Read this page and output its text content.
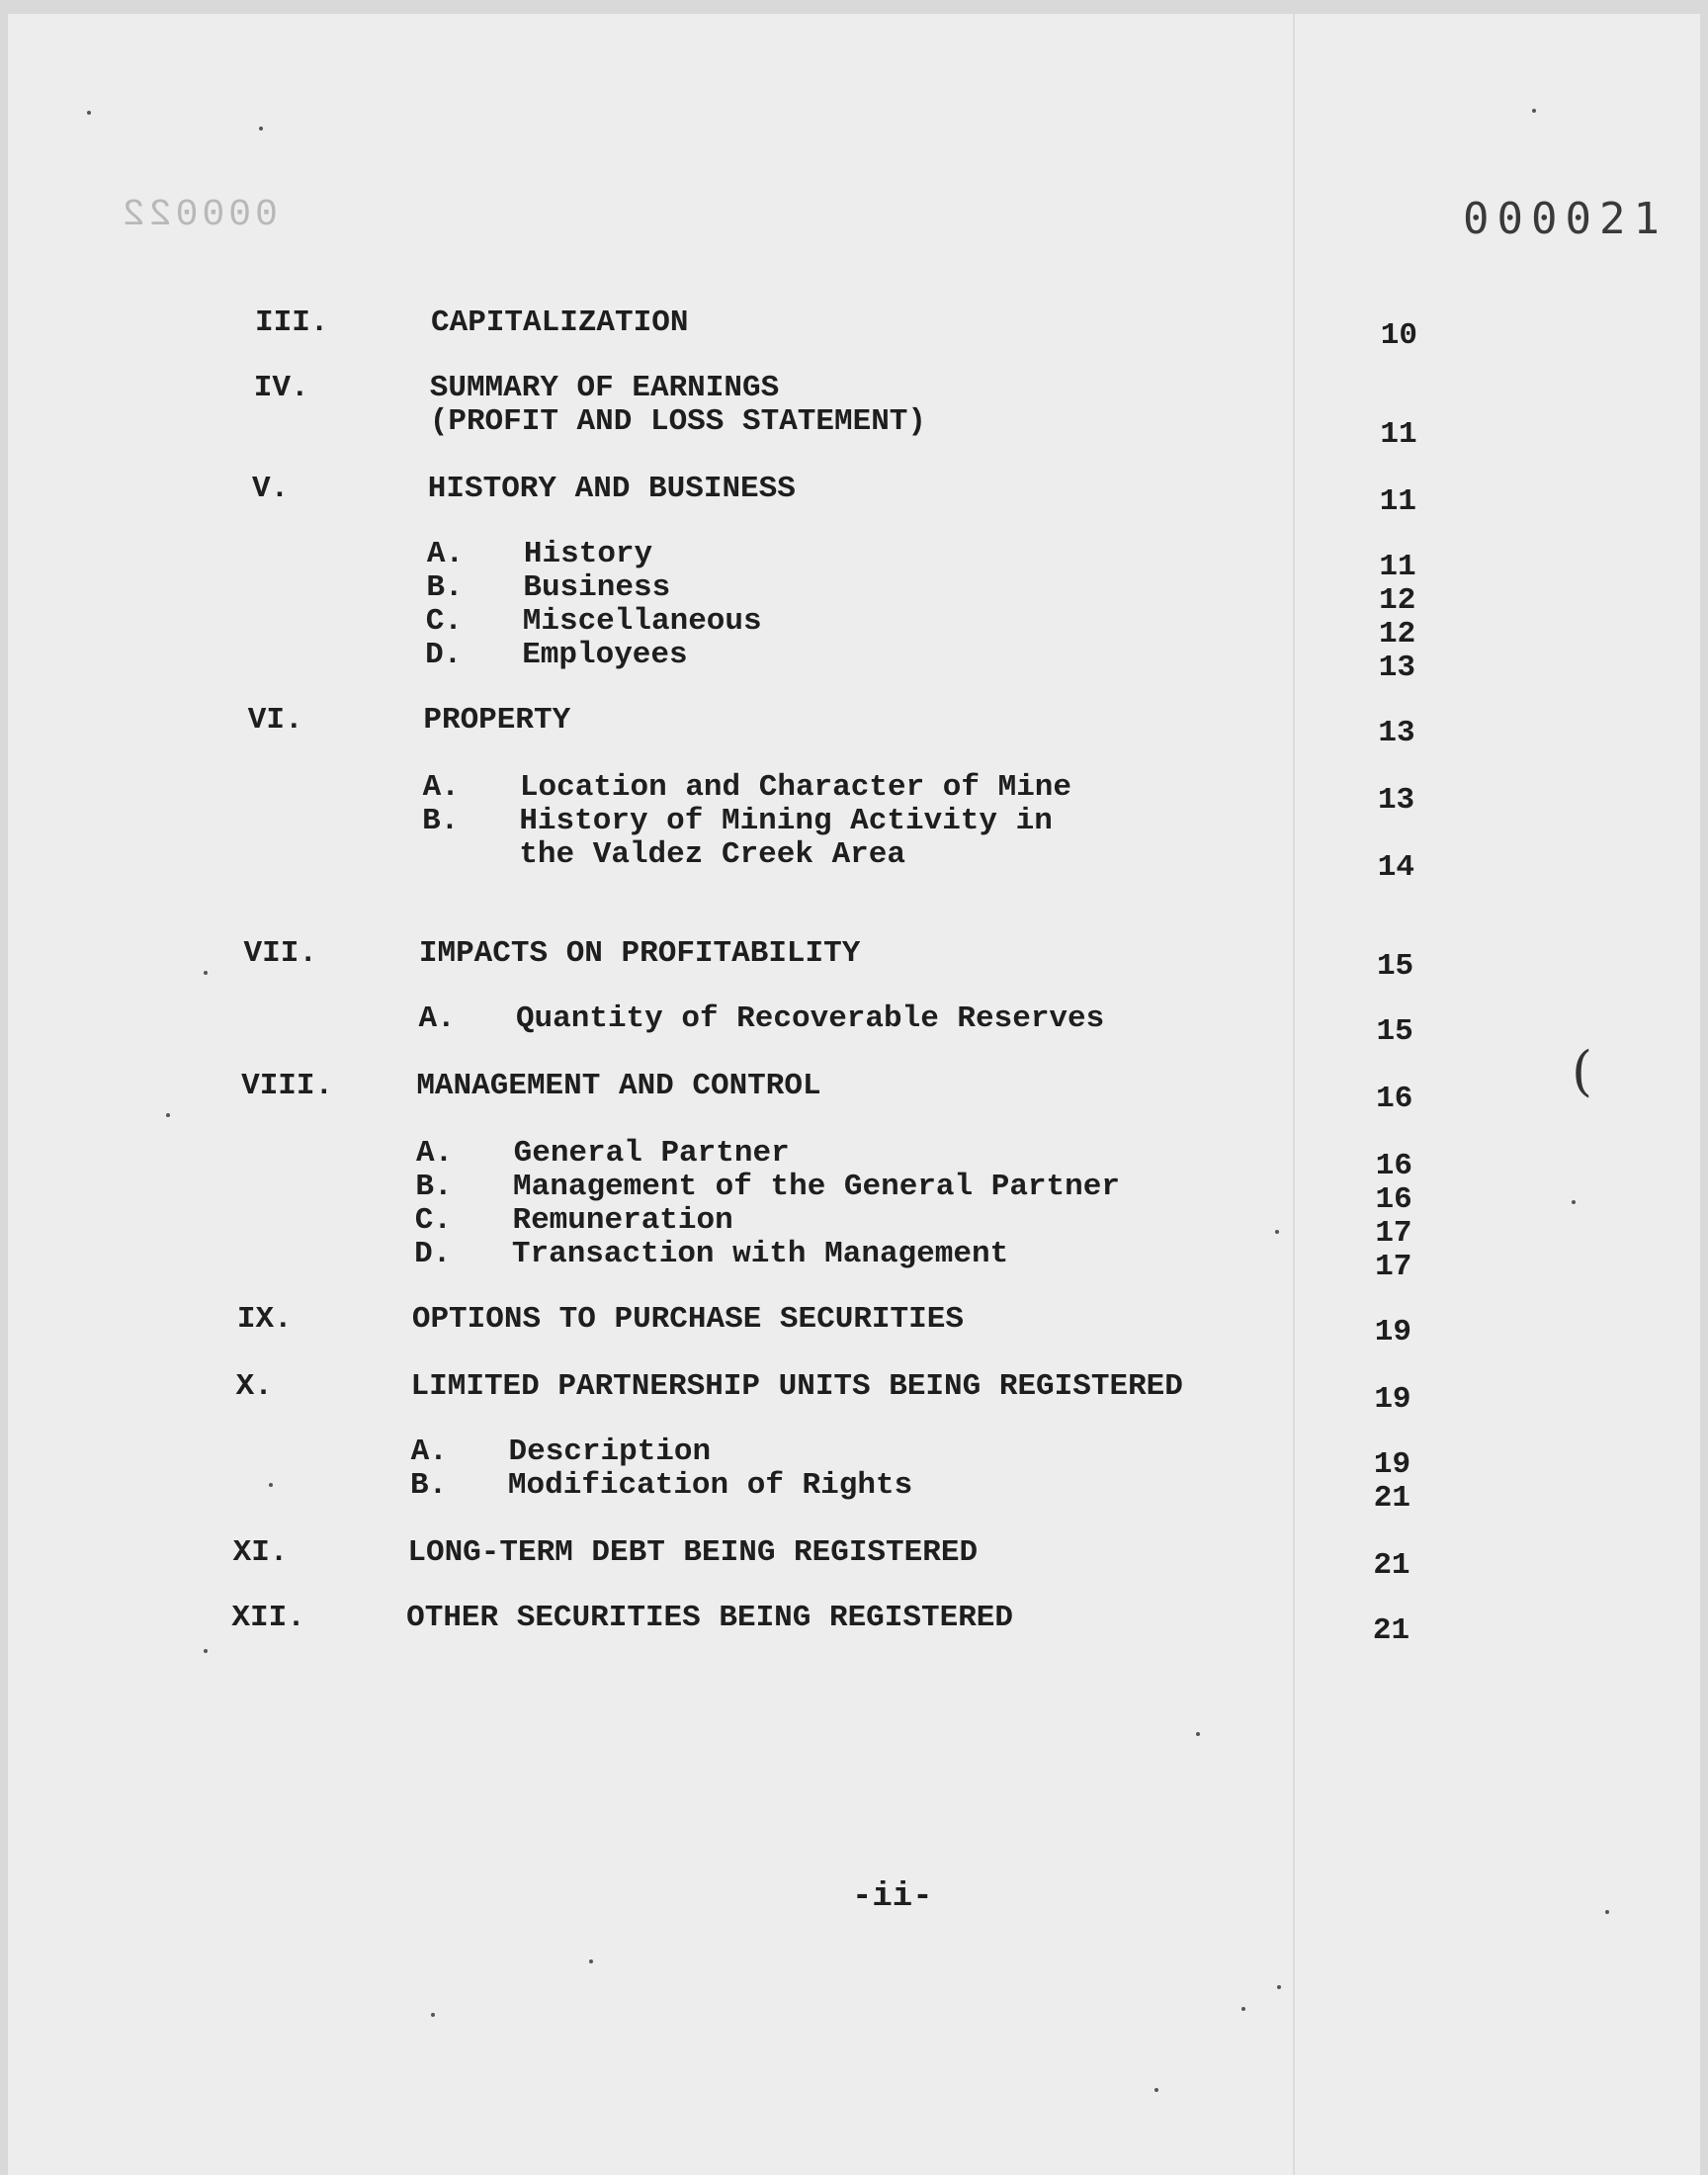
000022	000021
III.	CAPITALIZATION	10
IV.	SUMMARY OF EARNINGS
(PROFIT AND LOSS STATEMENT)	11
V.	HISTORY AND BUSINESS	11
A. History	11
B. Business	12
C. Miscellaneous	12
D. Employees	13
VI.	PROPERTY	13
A. Location and Character of Mine	13
B. History of Mining Activity in
the Valdez Creek Area	14
VII.	IMPACTS ON PROFITABILITY	15
A. Quantity of Recoverable Reserves	15
VIII.	MANAGEMENT AND CONTROL	16
A. General Partner	16
B. Management of the General Partner	16
C. Remuneration	17
D. Transaction with Management	17
IX.	OPTIONS TO PURCHASE SECURITIES	19
X.	LIMITED PARTNERSHIP UNITS BEING REGISTERED	19
A. Description	19
B. Modification of Rights	21
XI.	LONG-TERM DEBT BEING REGISTERED	21
XII.	OTHER SECURITIES BEING REGISTERED	21
-ii-
(
